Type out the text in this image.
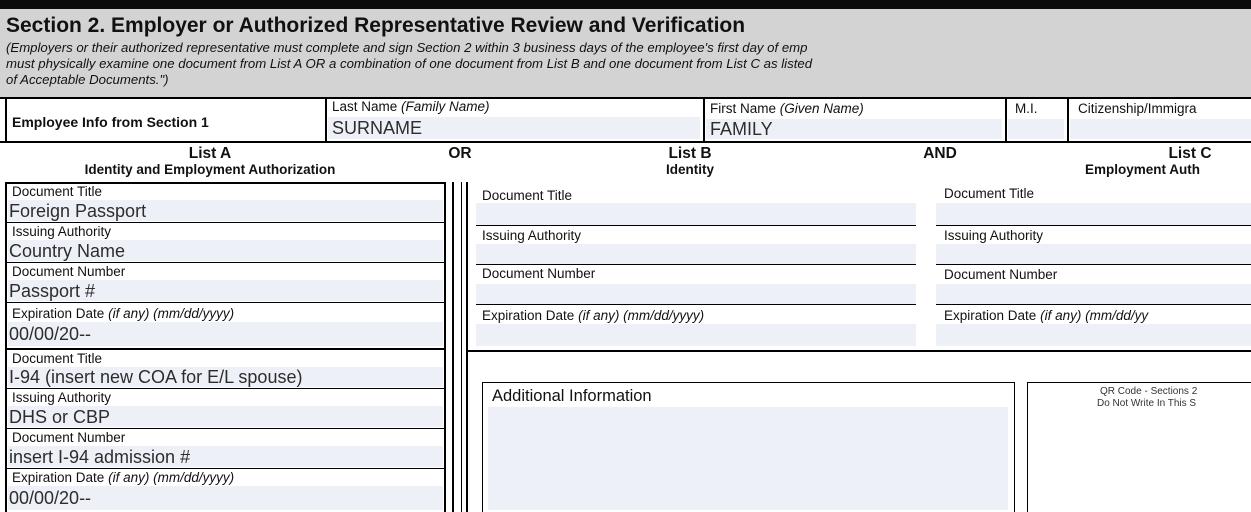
Section 2. Employer or Authorized Representative Review and Verification
(Employers or their authorized representative must complete and sign Section 2 within 3 business days of the employee's first day of emp
must physically examine one document from List A OR a combination of one document from List B and one document from List C as listed
of Acceptable Documents.")
Employee Info from Section 1
Last Name (Family Name)
SURNAME
First Name (Given Name)
FAMILY
M.I.	Citizenship/Immigra
List A
Identity and Employment Authorization
OR	List B
Identity
AND	List C
Employment Auth
Document Title
Foreign Passport
Issuing Authority
Country Name
Document Number
Passport #
Expiration Date (if any) (mm/dd/yyyy)
00/00/20--
Document Title
I-94 (insert new COA for E/L spouse)
Issuing Authority
DHS or CBP
Document Number
insert I-94 admission #
Expiration Date (if any) (mm/dd/yyyy)
00/00/20--
Document Title
Issuing Authority
Document Number
Expiration Date (if any) (mm/dd/yyyy)
Document Title
Issuing Authority
Document Number
Expiration Date (if any) (mm/dd/yy
Additional Information	QR Code - Sections 2
Do Not Write In This S
